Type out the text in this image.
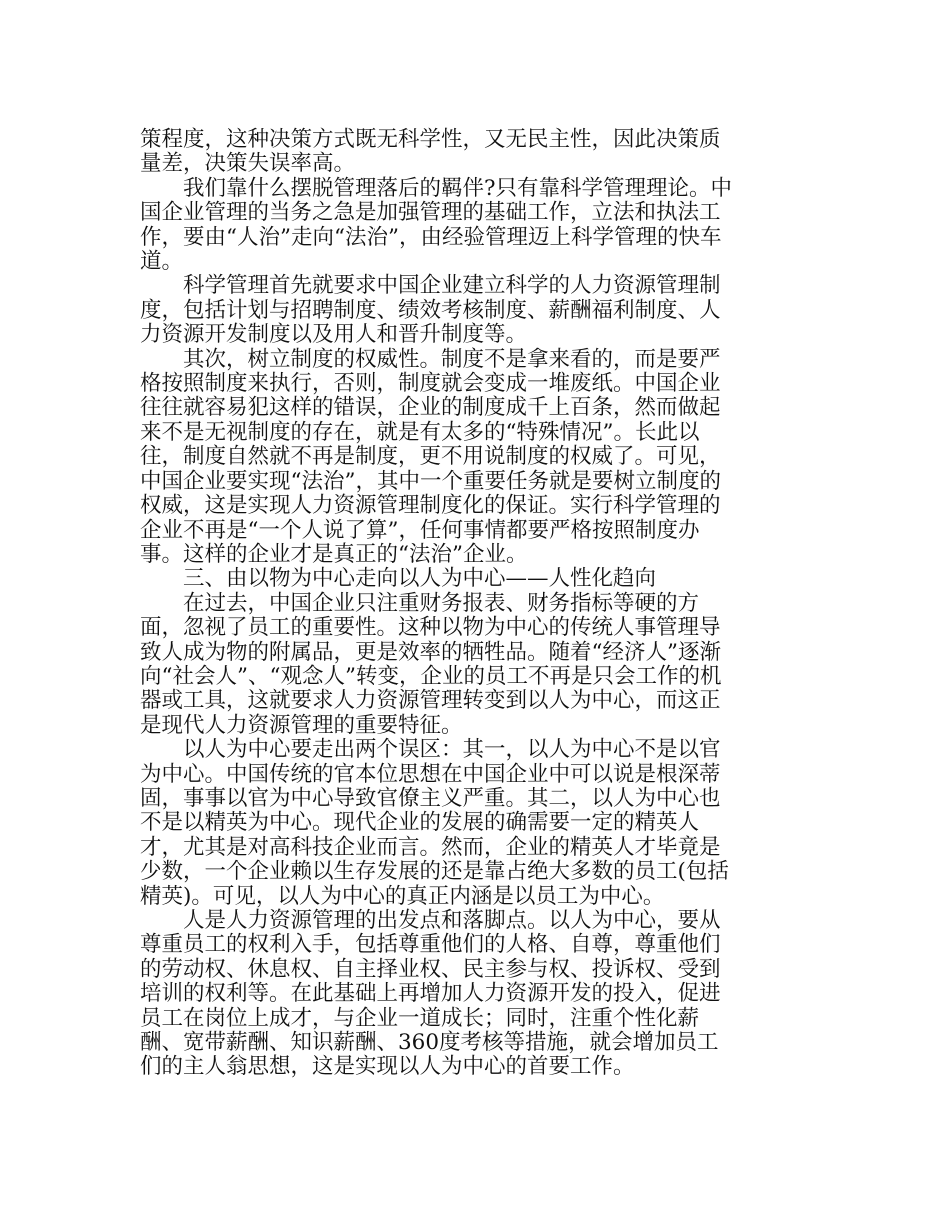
策程度，这种决策方式既无科学性，又无民主性，因此决策质量差，决策失误率高。

我们靠什么摆脱管理落后的羁伴?只有靠科学管理理论。中国企业管理的当务之急是加强管理的基础工作，立法和执法工作，要由“人治”走向“法治”，由经验管理迈上科学管理的快车道。

科学管理首先就要求中国企业建立科学的人力资源管理制度，包括计划与招聘制度、绩效考核制度、薪酬福利制度、人力资源开发制度以及用人和晋升制度等。

其次，树立制度的权威性。制度不是拿来看的，而是要严格按照制度来执行，否则，制度就会变成一堆废纸。中国企业往往就容易犯这样的错误，企业的制度成千上百条，然而做起来不是无视制度的存在，就是有太多的“特殊情况”。长此以往，制度自然就不再是制度，更不用说制度的权威了。可见，中国企业要实现“法治”，其中一个重要任务就是要树立制度的权威，这是实现人力资源管理制度化的保证。实行科学管理的企业不再是“一个人说了算”，任何事情都要严格按照制度办事。这样的企业才是真正的“法治”企业。

三、由以物为中心走向以人为中心——人性化趋向

在过去，中国企业只注重财务报表、财务指标等硬的方面，忽视了员工的重要性。这种以物为中心的传统人事管理导致人成为物的附属品，更是效率的牺牲品。随着“经济人”逐渐向“社会人”、“观念人”转变，企业的员工不再是只会工作的机器或工具，这就要求人力资源管理转变到以人为中心，而这正是现代人力资源管理的重要特征。

以人为中心要走出两个误区：其一，以人为中心不是以官为中心。中国传统的官本位思想在中国企业中可以说是根深蒂固，事事以官为中心导致官僚主义严重。其二，以人为中心也不是以精英为中心。现代企业的发展的确需要一定的精英人才，尤其是对高科技企业而言。然而，企业的精英人才毕竟是少数，一个企业赖以生存发展的还是靠占绝大多数的员工(包括精英)。可见，以人为中心的真正内涵是以员工为中心。

人是人力资源管理的出发点和落脚点。以人为中心，要从尊重员工的权利入手，包括尊重他们的人格、自尊，尊重他们的劳动权、休息权、自主择业权、民主参与权、投诉权、受到培训的权利等。在此基础上再增加人力资源开发的投入，促进员工在岗位上成才，与企业一道成长；同时，注重个性化薪酬、宽带薪酬、知识薪酬、360度考核等措施，就会增加员工们的主人翁思想，这是实现以人为中心的首要工作。
